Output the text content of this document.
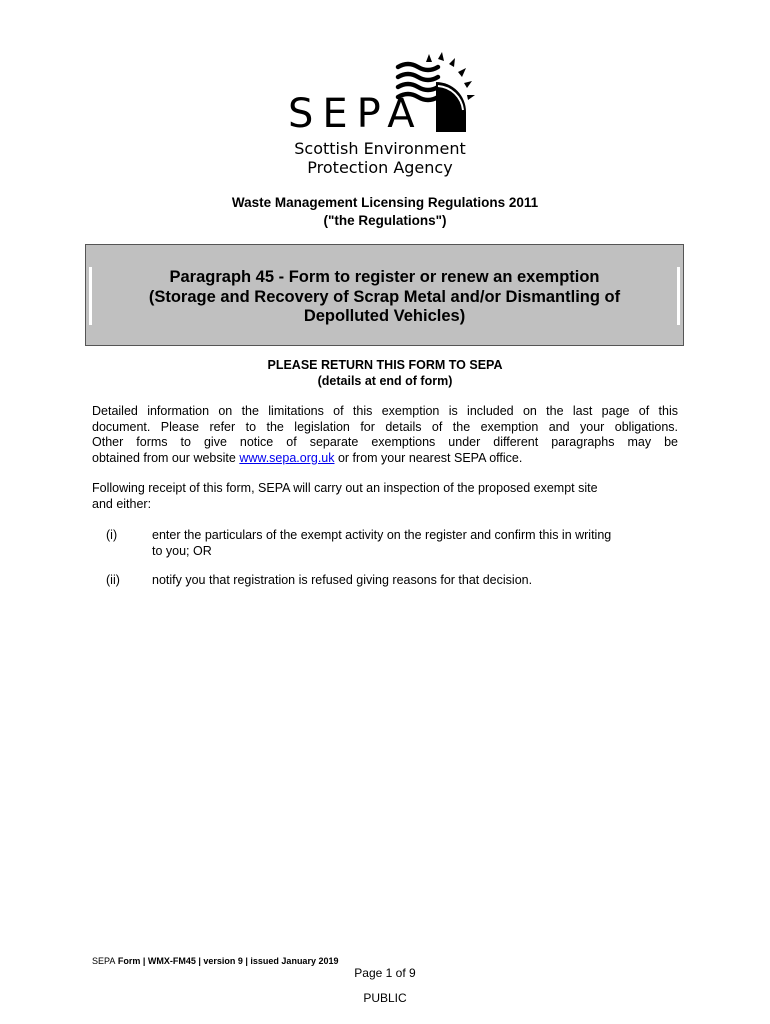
SEPA
Scottish Environment
Protection Agency
Waste Management Licensing Regulations 2011
("the Regulations")
Paragraph 45 - Form to register or renew an exemption
(Storage and Recovery of Scrap Metal and/or Dismantling of
Depolluted Vehicles)
PLEASE RETURN THIS FORM TO SEPA
(details at end of form)
Detailed information on the limitations of this exemption is included on the last page of this
document. Please refer to the legislation for details of the exemption and your obligations.
Other forms to give notice of separate exemptions under different paragraphs may be
obtained from our website www.sepa.org.uk or from your nearest SEPA office.
Following receipt of this form, SEPA will carry out an inspection of the proposed exempt site
and either:
(i)	enter the particulars of the exempt activity on the register and confirm this in writing
to you; OR
(ii)	notify you that registration is refused giving reasons for that decision.
SEPA Form | WMX-FM45 | version 9 | issued January 2019
Page 1 of 9
PUBLIC
